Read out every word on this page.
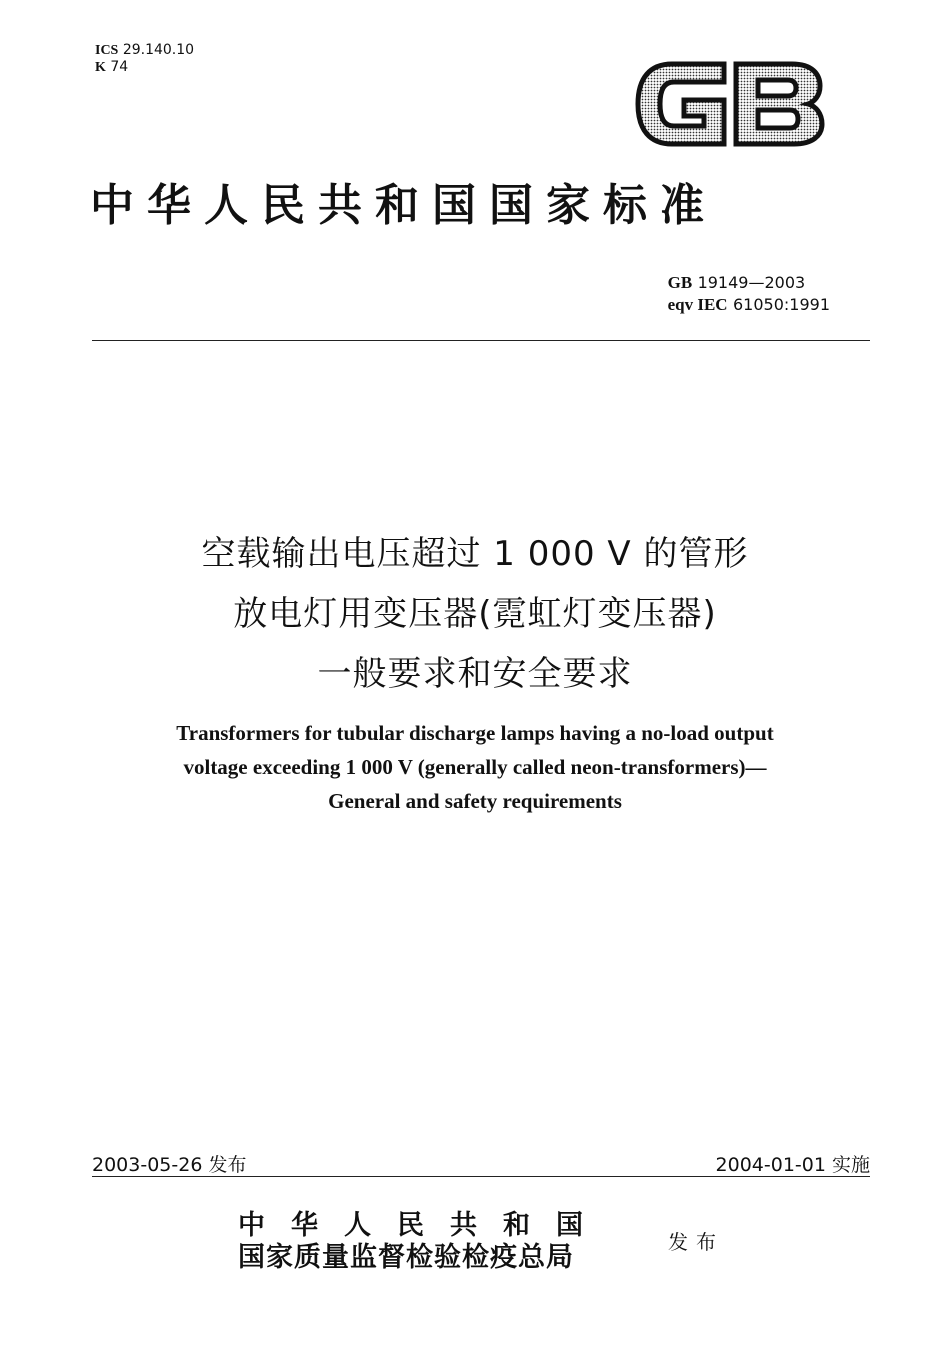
ICS 29.140.10
K 74
中华人民共和国国家标准
GB 19149—2003
eqv IEC 61050:1991
空载输出电压超过 1 000 V 的管形
放电灯用变压器(霓虹灯变压器)
一般要求和安全要求
Transformers for tubular discharge lamps having a no-load output
voltage exceeding 1 000 V (generally called neon-transformers)—
General and safety requirements
2003-05-26 发布	2004-01-01 实施
中华人民共和国
国家质量监督检验检疫总局	发布
